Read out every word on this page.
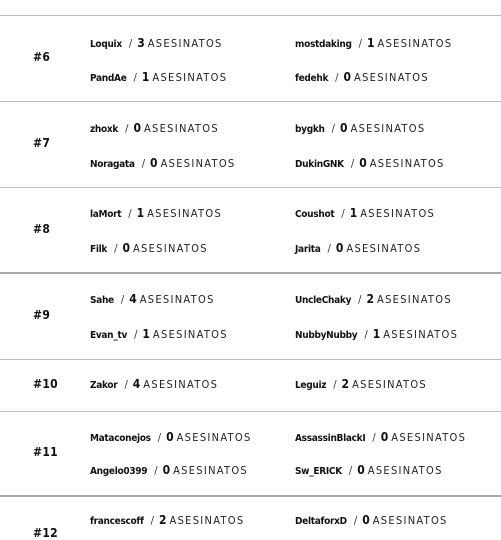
#6
Loquix / 3 ASESINATOS	mostdaking / 1 ASESINATOS
PandAe / 1 ASESINATOS	fedehk / 0 ASESINATOS
#7
zhoxk / 0 ASESINATOS	bygkh / 0 ASESINATOS
Noragata / 0 ASESINATOS	DukinGNK / 0 ASESINATOS
#8
laMort / 1 ASESINATOS	Coushot / 1 ASESINATOS
Filk / 0 ASESINATOS	Jarita / 0 ASESINATOS
#9
Sahe / 4 ASESINATOS	UncleChaky / 2 ASESINATOS
Evan_tv / 1 ASESINATOS	NubbyNubby / 1 ASESINATOS
#10	Zakor / 4 ASESINATOS	Leguiz / 2 ASESINATOS
#11
Mataconejos / 0 ASESINATOS	AssassinBlackI / 0 ASESINATOS
Angelo0399 / 0 ASESINATOS	Sw_ERICK / 0 ASESINATOS
#12
francescoff / 2 ASESINATOS	DeltaforxD / 0 ASESINATOS
